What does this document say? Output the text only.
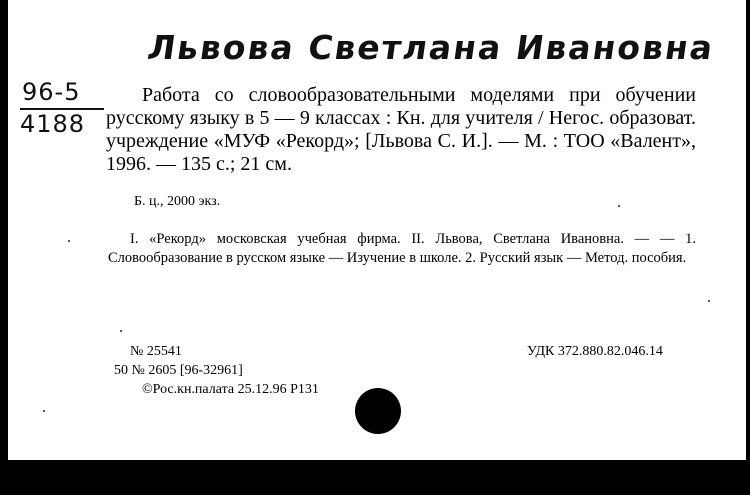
Львова Светлана Ивановна
96-5
4188

Работа со словообразовательными моделями при обучении русскому языку в 5 — 9 классах : Кн. для учителя / Негос. образоват. учреждение «МУФ «Рекорд»; [Львова С. И.]. — М. : ТОО «Валент», 1996. — 135 с.; 21 см.

Б. ц., 2000 экз.

I. «Рекорд» московская учебная фирма. II. Львова, Светлана Ивановна. — — 1. Словообразование в русском языке — Изучение в школе. 2. Русский язык — Метод. пособия.

№ 25541
50 № 2605 [96-32961]
©Рос.кн.палата 25.12.96 Р131
УДК 372.880.82.046.14
